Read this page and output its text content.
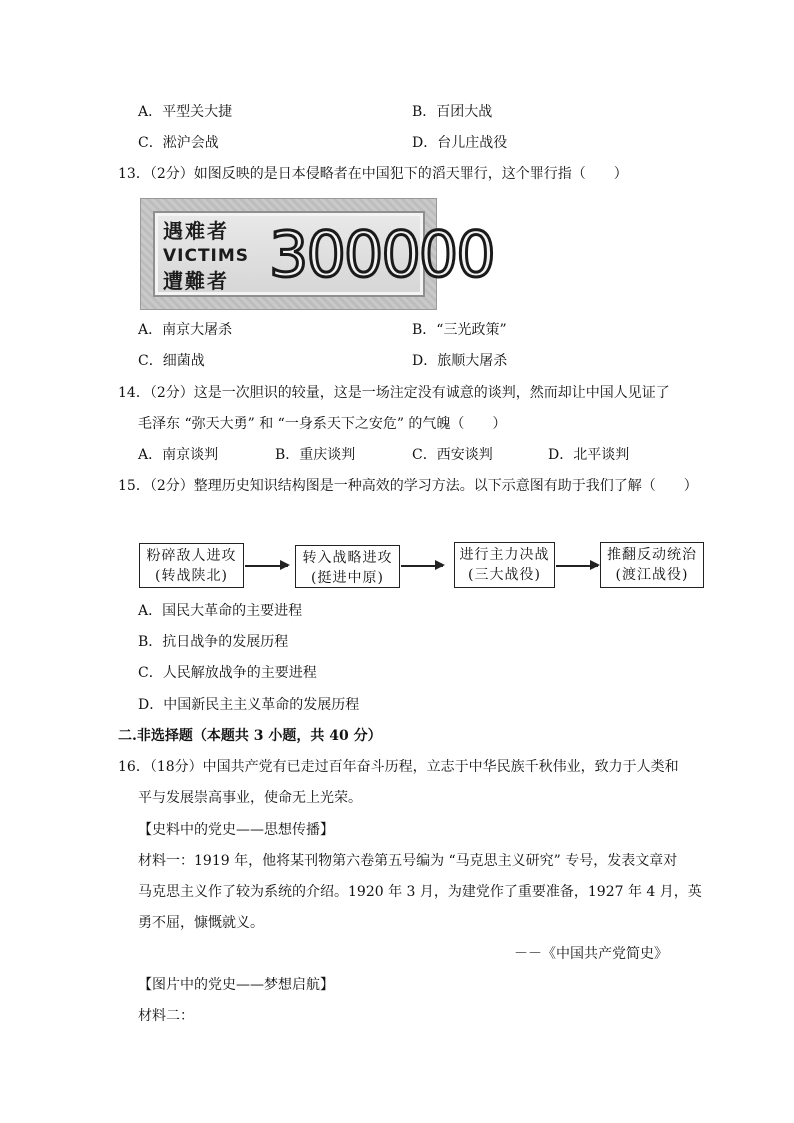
A．平型关大捷	B．百团大战
C．淞沪会战	D．台儿庄战役
13．（2分）如图反映的是日本侵略者在中国犯下的滔天罪行，这个罪行指（　　）
遇难者
VICTIMS
遭難者 300000
A．南京大屠杀	B．“三光政策”
C．细菌战	D．旅顺大屠杀
14．（2分）这是一次胆识的较量，这是一场注定没有诚意的谈判，然而却让中国人见证了
毛泽东 “弥天大勇” 和 “一身系天下之安危” 的气魄（　　）
A．南京谈判	B．重庆谈判	C．西安谈判	D．北平谈判
15．（2分）整理历史知识结构图是一种高效的学习方法。以下示意图有助于我们了解（　　）
粉碎敌人进攻
(转战陕北)
转入战略进攻
(挺进中原)
进行主力决战
(三大战役)
推翻反动统治
(渡江战役)
A．国民大革命的主要进程
B．抗日战争的发展历程
C．人民解放战争的主要进程
D．中国新民主主义革命的发展历程
二.非选择题（本题共 3 小题，共 40 分）
16．（18分）中国共产党有已走过百年奋斗历程，立志于中华民族千秋伟业，致力于人类和
平与发展崇高事业，使命无上光荣。
【史料中的党史——思想传播】
材料一：1919 年，他将某刊物第六卷第五号编为 “马克思主义研究” 专号，发表文章对
马克思主义作了较为系统的介绍。1920 年 3 月，为建党作了重要准备，1927 年 4 月，英
勇不屈，慷慨就义。
－－《中国共产党简史》
【图片中的党史——梦想启航】
材料二：
